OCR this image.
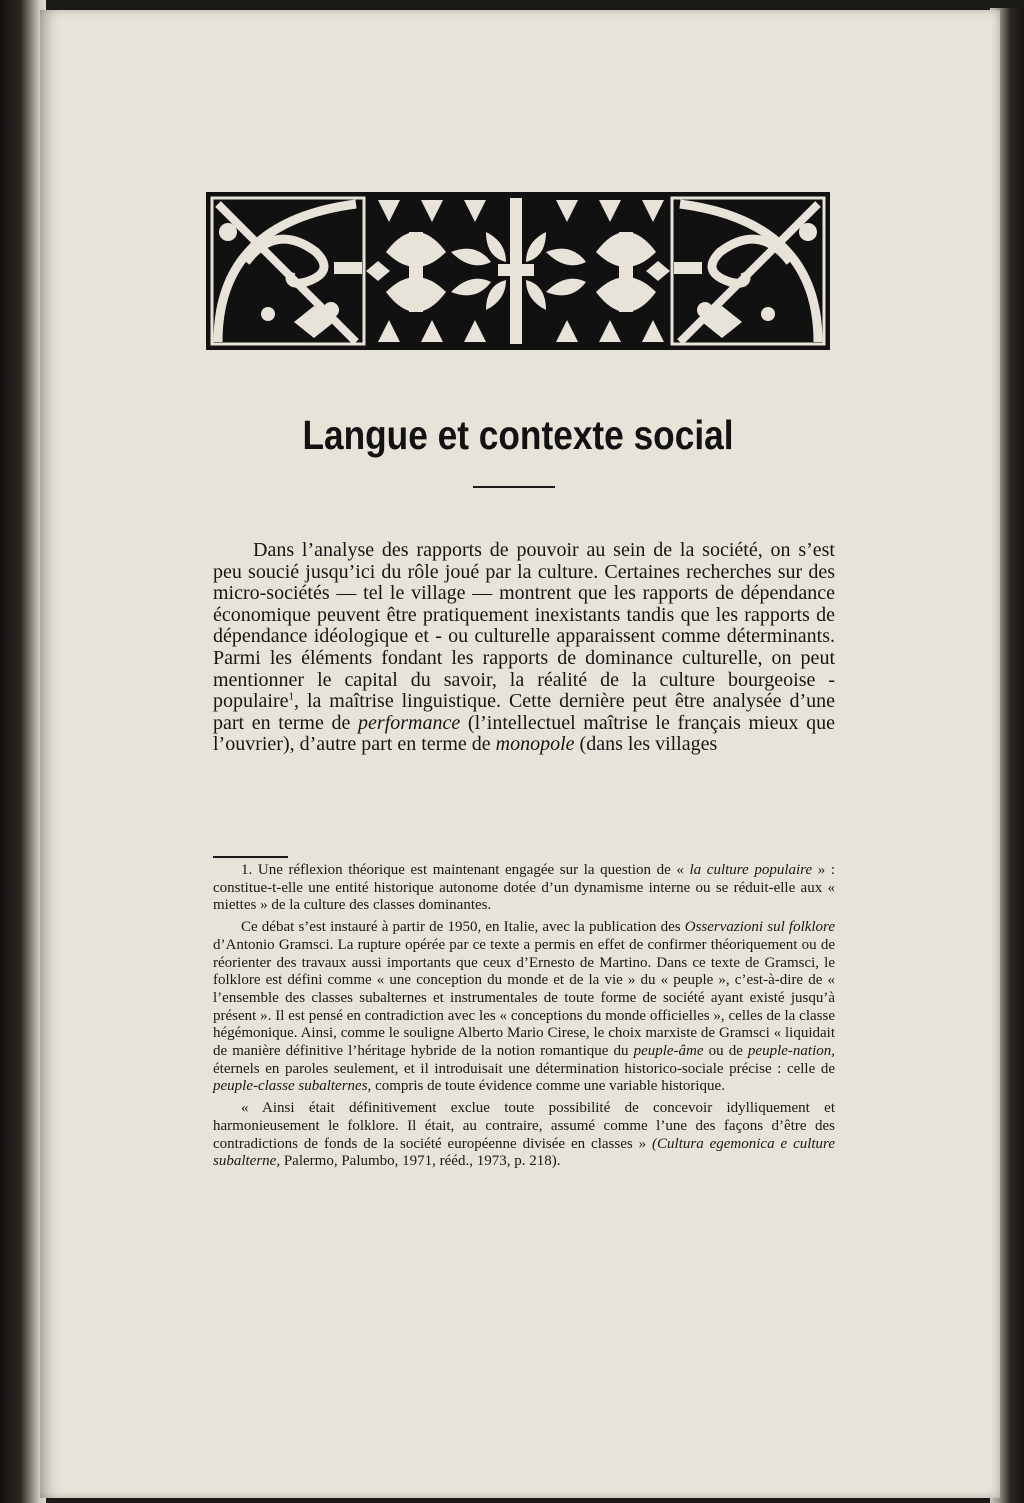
Langue et contexte social

Dans l’analyse des rapports de pouvoir au sein de la société, on s’est peu soucié jusqu’ici du rôle joué par la culture. Certaines recherches sur des micro-sociétés — tel le village — montrent que les rapports de dépendance économique peuvent être pratiquement inexistants tandis que les rapports de dépendance idéologique et - ou culturelle apparaissent comme déterminants. Parmi les éléments fondant les rapports de dominance culturelle, on peut mentionner le capital du savoir, la réalité de la culture bourgeoise - populaire$^1$, la maîtrise linguistique. Cette dernière peut être analysée d’une part en terme de performance (l’intellectuel maîtrise le français mieux que l’ouvrier), d’autre part en terme de monopole (dans les villages

1. Une réflexion théorique est maintenant engagée sur la question de « la culture populaire » : constitue-t-elle une entité historique autonome dotée d’un dynamisme interne ou se réduit-elle aux « miettes » de la culture des classes dominantes.

Ce débat s’est instauré à partir de 1950, en Italie, avec la publication des Osservazioni sul folklore d’Antonio Gramsci. La rupture opérée par ce texte a permis en effet de confirmer théoriquement ou de réorienter des travaux aussi importants que ceux d’Ernesto de Martino. Dans ce texte de Gramsci, le folklore est défini comme « une conception du monde et de la vie » du « peuple », c’est-à-dire de « l’ensemble des classes subalternes et instrumentales de toute forme de société ayant existé jusqu’à présent ». Il est pensé en contradiction avec les « conceptions du monde officielles », celles de la classe hégémonique. Ainsi, comme le souligne Alberto Mario Cirese, le choix marxiste de Gramsci « liquidait de manière définitive l’héritage hybride de la notion romantique du peuple-âme ou de peuple-nation, éternels en paroles seulement, et il introduisait une détermination historico-sociale précise : celle de peuple-classe subalternes, compris de toute évidence comme une variable historique.

« Ainsi était définitivement exclue toute possibilité de concevoir idylliquement et harmonieusement le folklore. Il était, au contraire, assumé comme l’une des façons d’être des contradictions de fonds de la société européenne divisée en classes » (Cultura egemonica e culture subalterne, Palermo, Palumbo, 1971, rééd., 1973, p. 218).
